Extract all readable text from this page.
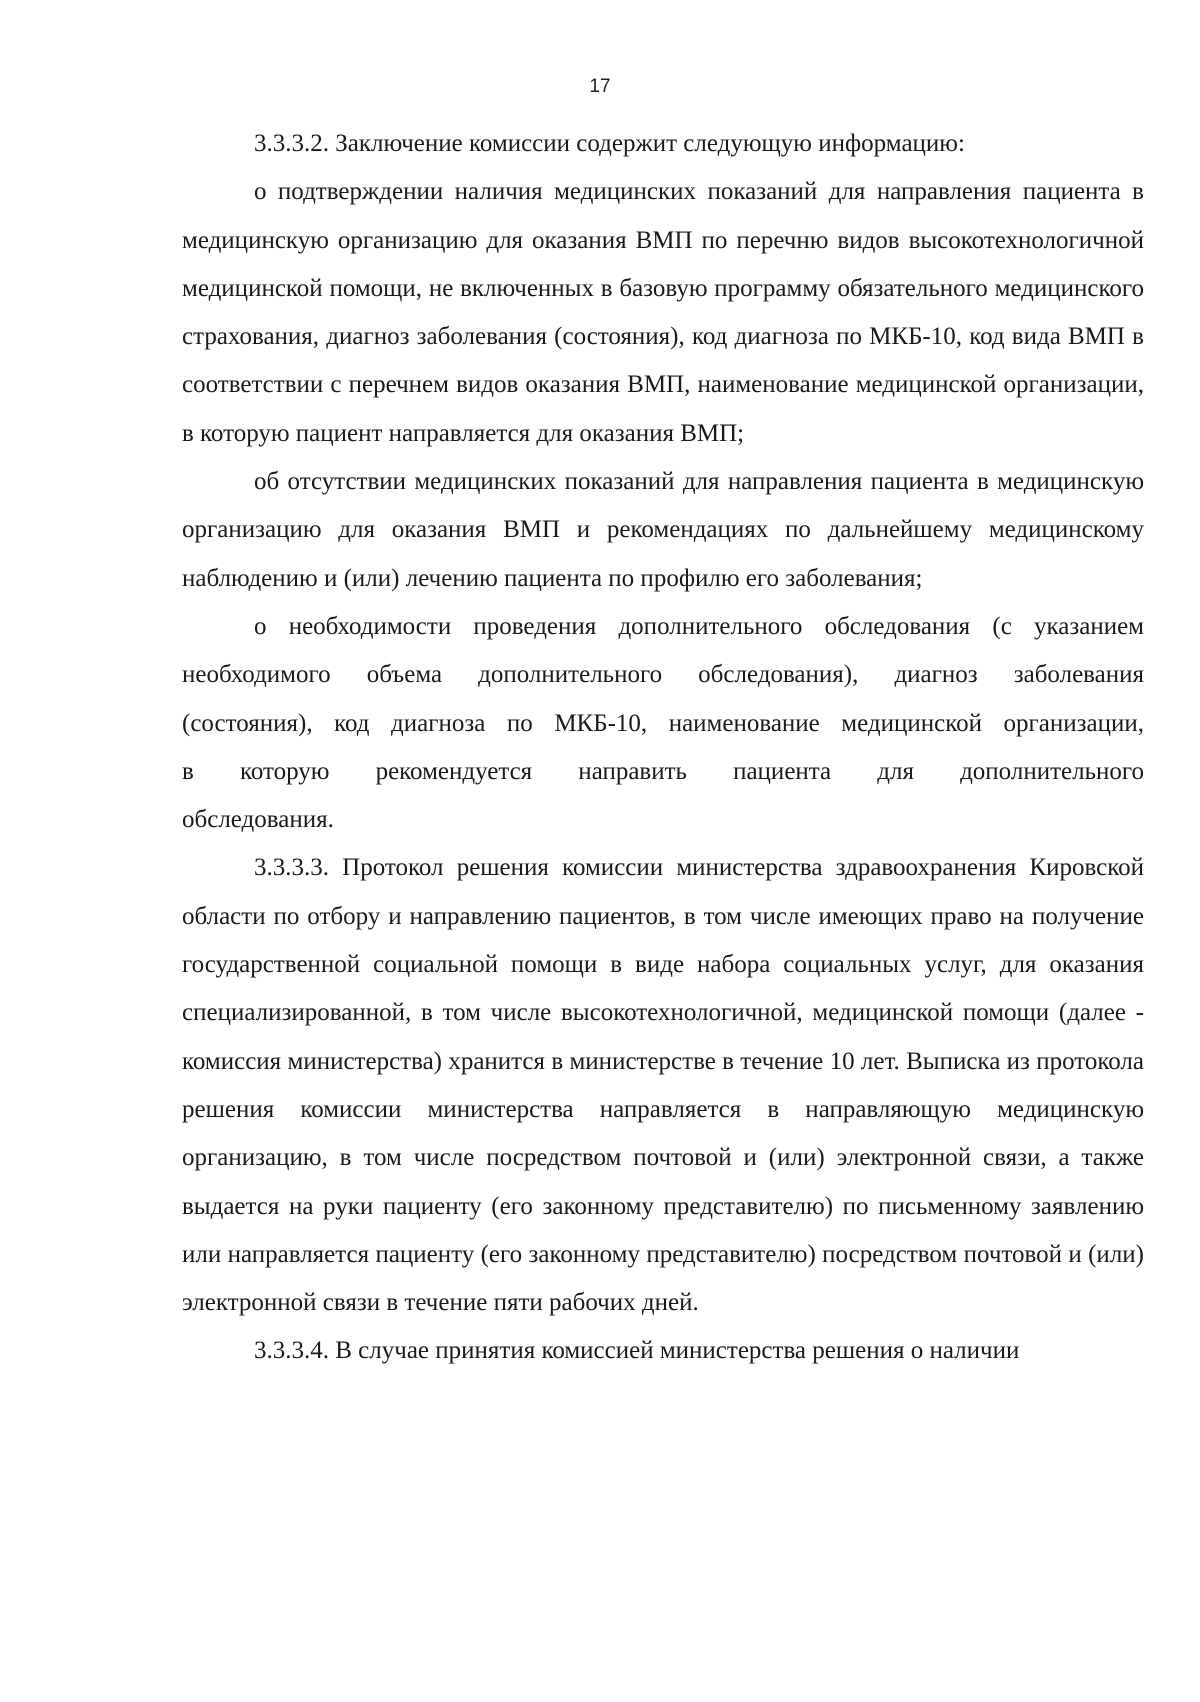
17

3.3.3.2. Заключение комиссии содержит следующую информацию:

о подтверждении наличия медицинских показаний для направления пациента в медицинскую организацию для оказания ВМП по перечню видов высокотехнологичной медицинской помощи, не включенных в базовую программу обязательного медицинского страхования, диагноз заболевания (состояния), код диагноза по МКБ-10, код вида ВМП в соответствии с перечнем видов оказания ВМП, наименование медицинской организации, в которую пациент направляется для оказания ВМП;

об отсутствии медицинских показаний для направления пациента в медицинскую организацию для оказания ВМП и рекомендациях по дальнейшему медицинскому наблюдению и (или) лечению пациента по профилю его заболевания;

о необходимости проведения дополнительного обследования (с указанием необходимого объема дополнительного обследования), диагноз заболевания (состояния), код диагноза по МКБ-10, наименование медицинской организации, в которую рекомендуется направить пациента для дополнительного обследования.

3.3.3.3. Протокол решения комиссии министерства здравоохранения Кировской области по отбору и направлению пациентов, в том числе имеющих право на получение государственной социальной помощи в виде набора социальных услуг, для оказания специализированной, в том числе высокотехнологичной, медицинской помощи (далее - комиссия министерства) хранится в министерстве в течение 10 лет. Выписка из протокола решения комиссии министерства направляется в направляющую медицинскую организацию, в том числе посредством почтовой и (или) электронной связи, а также выдается на руки пациенту (его законному представителю) по письменному заявлению или направляется пациенту (его законному представителю) посредством почтовой и (или) электронной связи в течение пяти рабочих дней.

3.3.3.4. В случае принятия комиссией министерства решения о наличии
